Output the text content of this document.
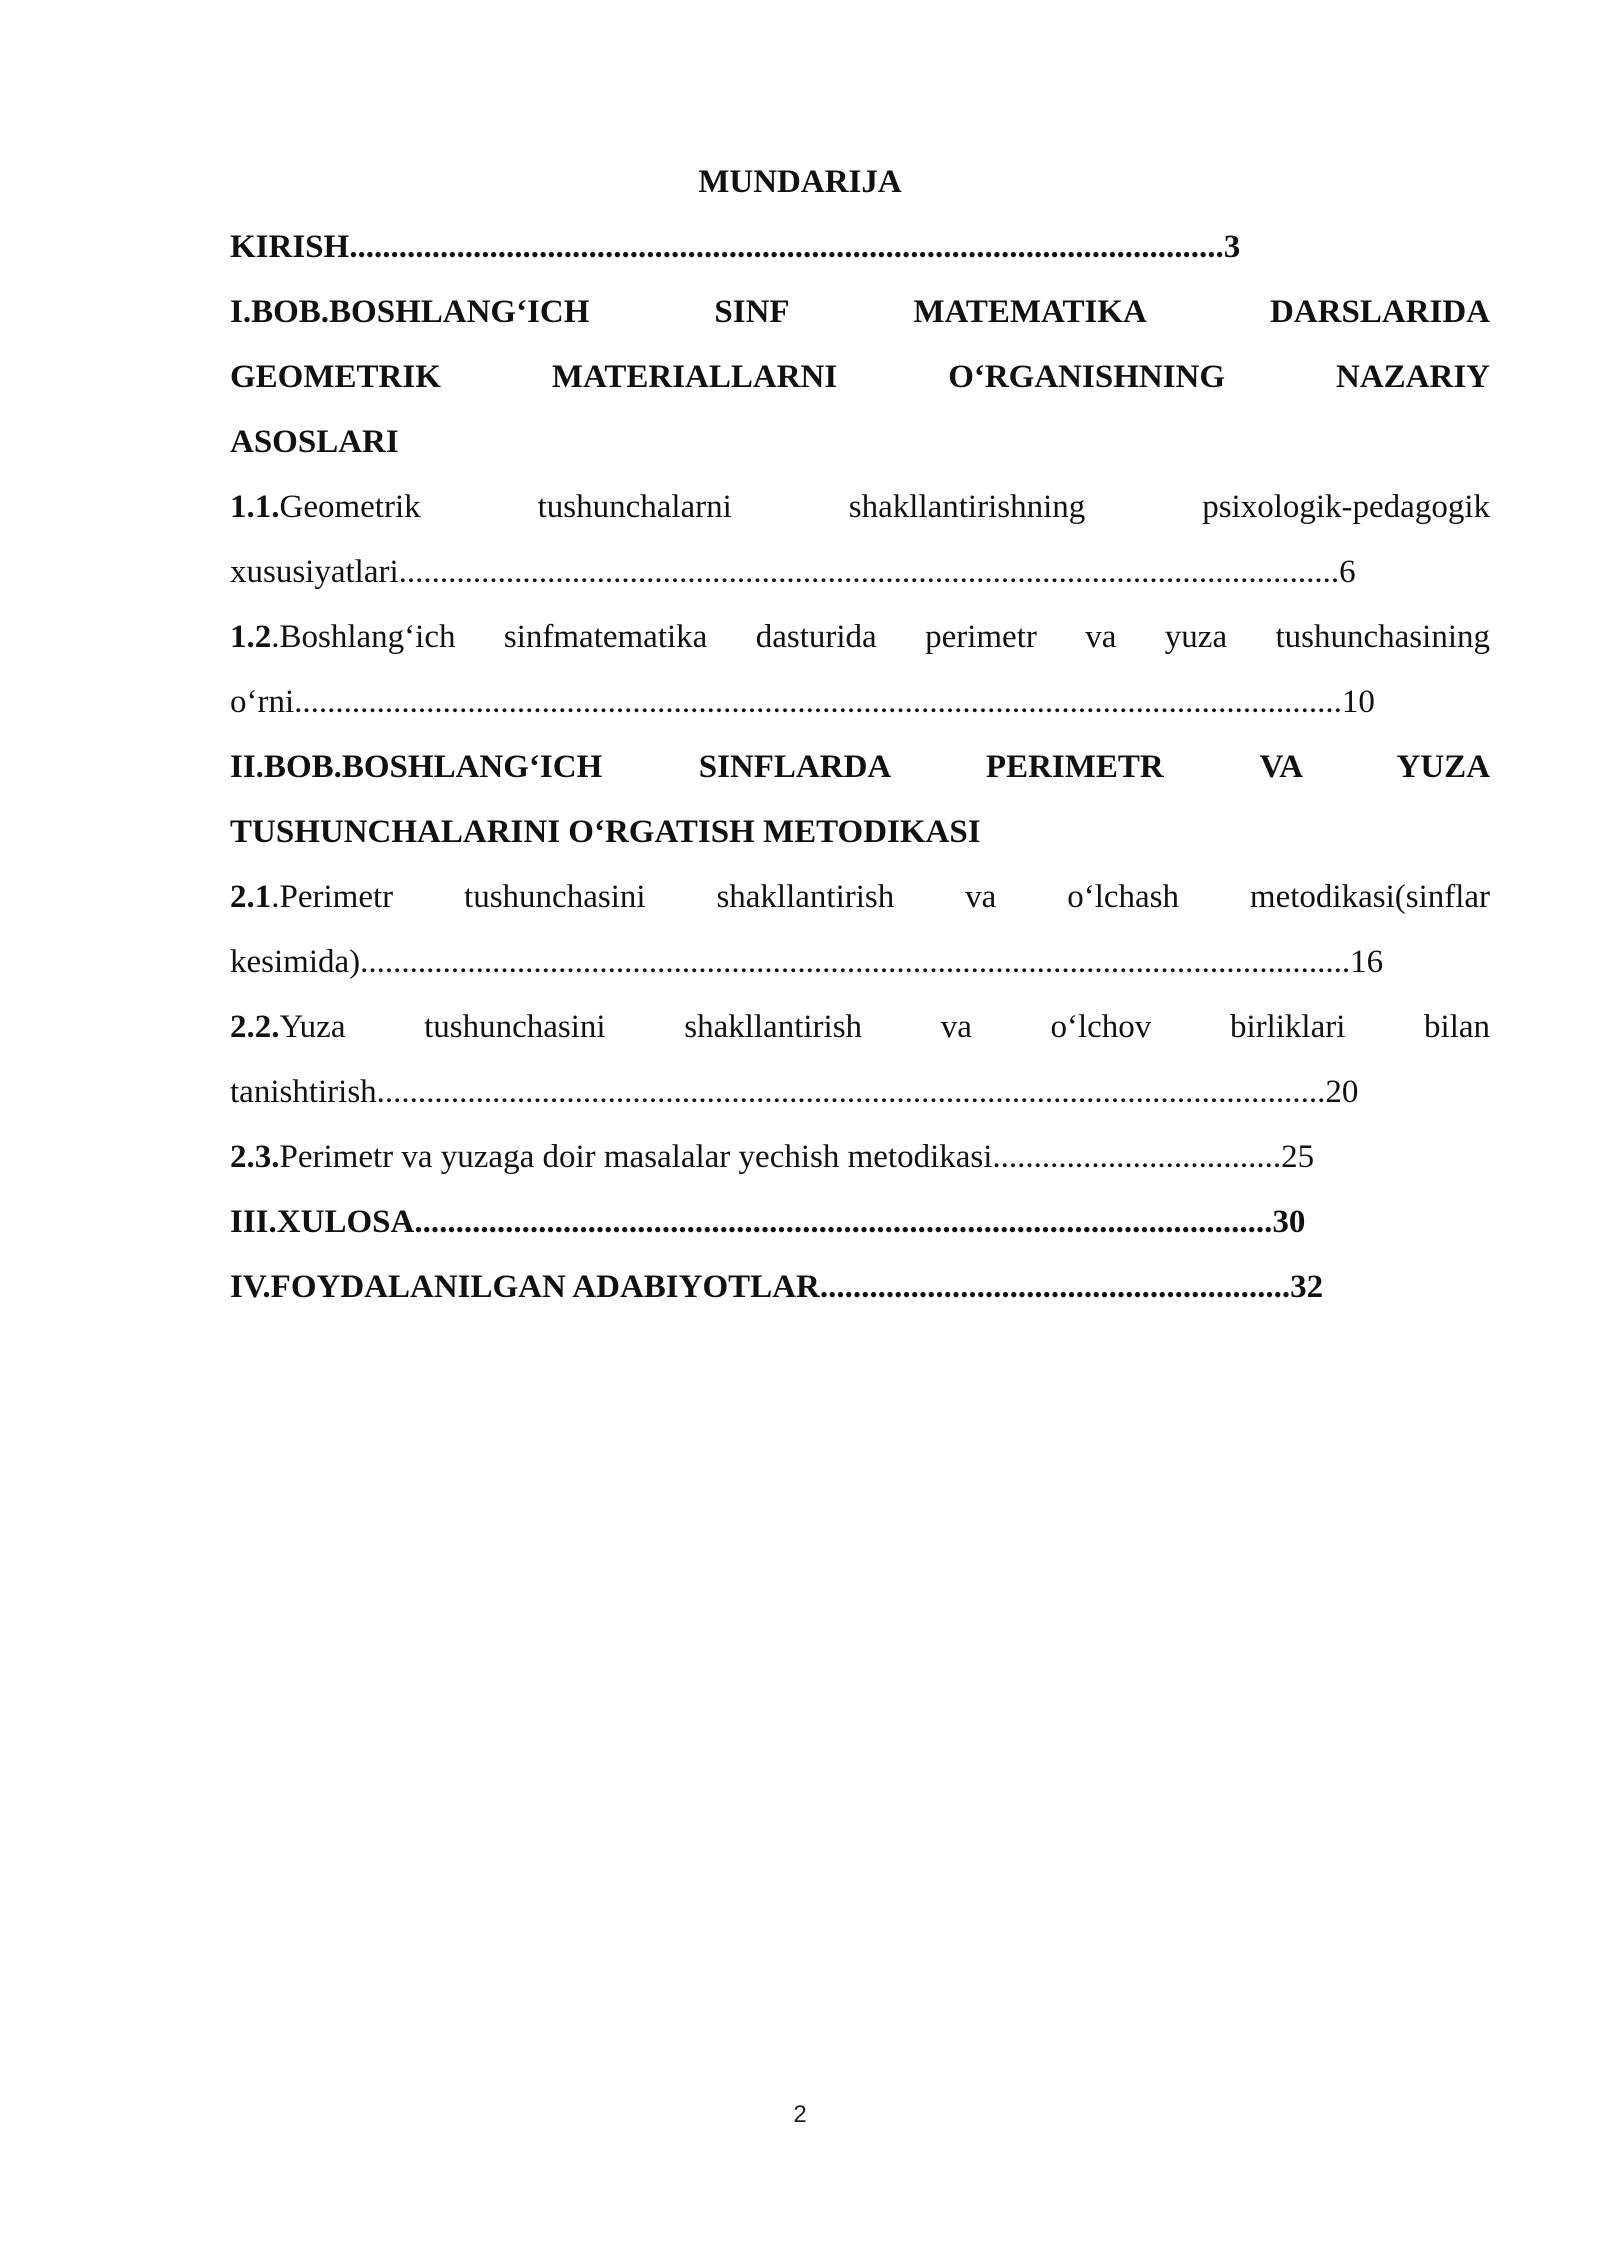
MUNDARIJA
KIRISH..........................................................................................................3
I.BOB.BOSHLANG‘ICH	SINF	MATEMATIKA	DARSLARIDA
GEOMETRIK	MATERIALLARNI	O‘RGANISHNING	NAZARIY
ASOSLARI
1.1.Geometrik	tushunchalarni	shakllantirishning	psixologik-pedagogik
xususiyatlari..................................................................................................................6
1.2.Boshlang‘ich sinfmatematika dasturida perimetr va yuza tushunchasining
o‘rni...............................................................................................................................10
II.BOB.BOSHLANG‘ICH	SINFLARDA	PERIMETR	VA	YUZA
TUSHUNCHALARINI O‘RGATISH METODIKASI
2.1.Perimetr tushunchasini shakllantirish va o‘lchash metodikasi(sinflar
kesimida)........................................................................................................................16
2.2.Yuza tushunchasini shakllantirish va o‘lchov birliklari bilan
tanishtirish...................................................................................................................20
2.3.Perimetr va yuzaga doir masalalar yechish metodikasi...................................25
III.XULOSA........................................................................................................30
IV.FOYDALANILGAN ADABIYOTLAR.........................................................32
2
